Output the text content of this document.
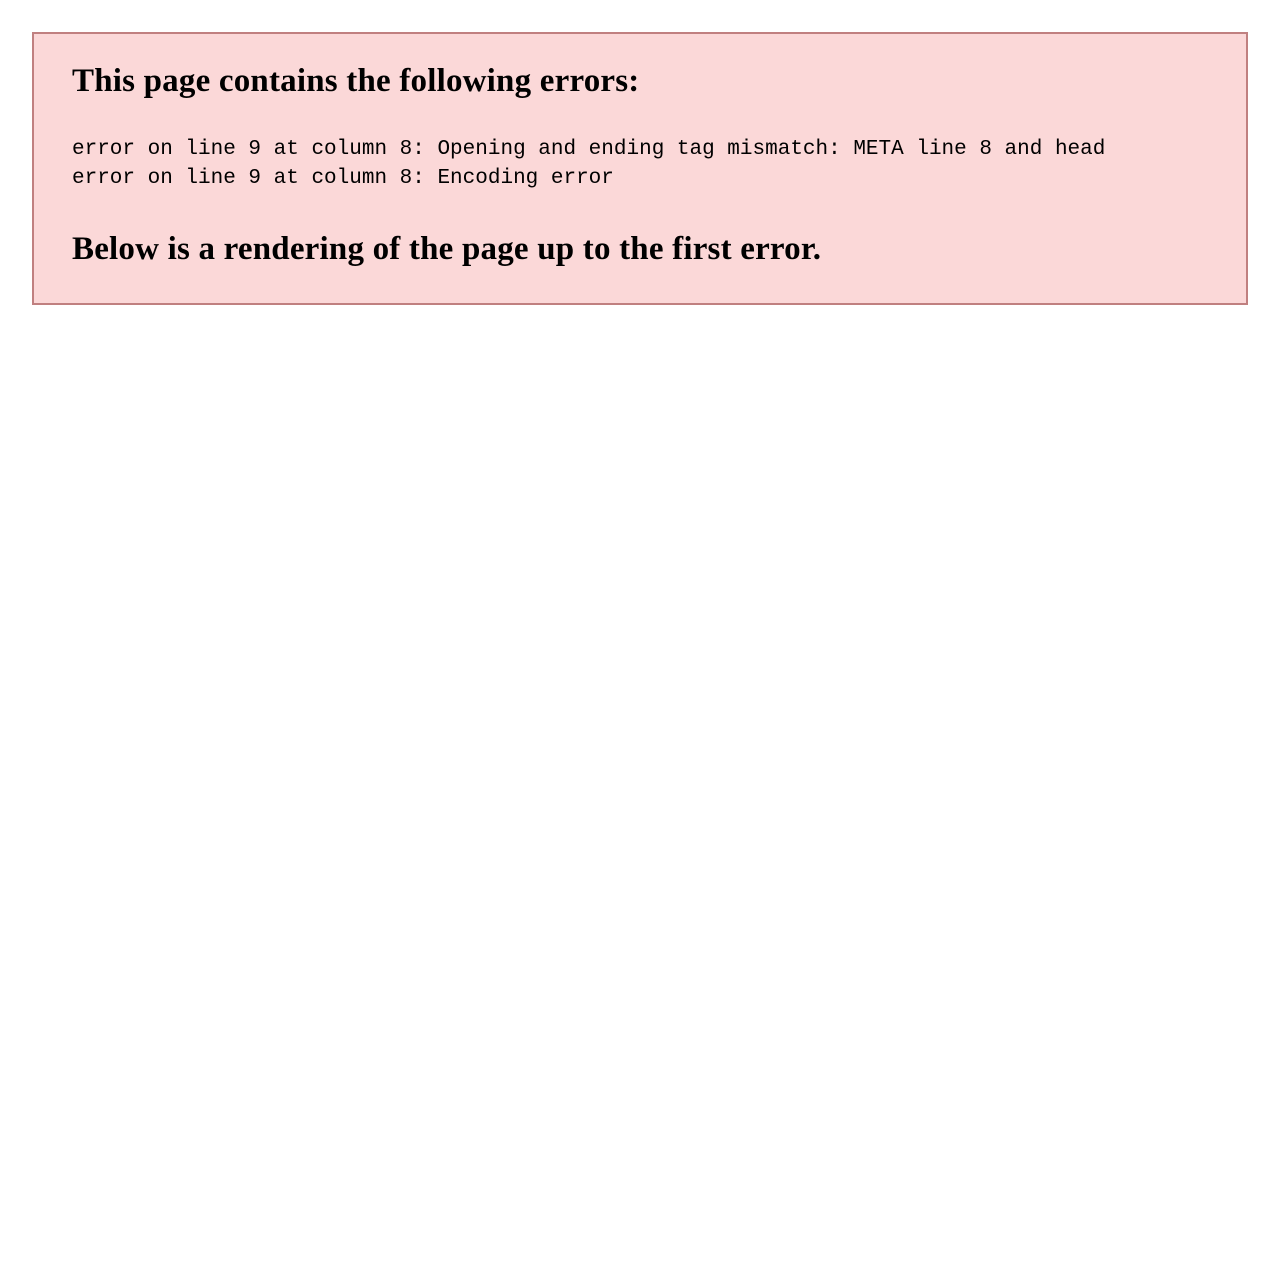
This page contains the following errors:
error on line 9 at column 8: Opening and ending tag mismatch: META line 8 and head
error on line 9 at column 8: Encoding error
Below is a rendering of the page up to the first error.
